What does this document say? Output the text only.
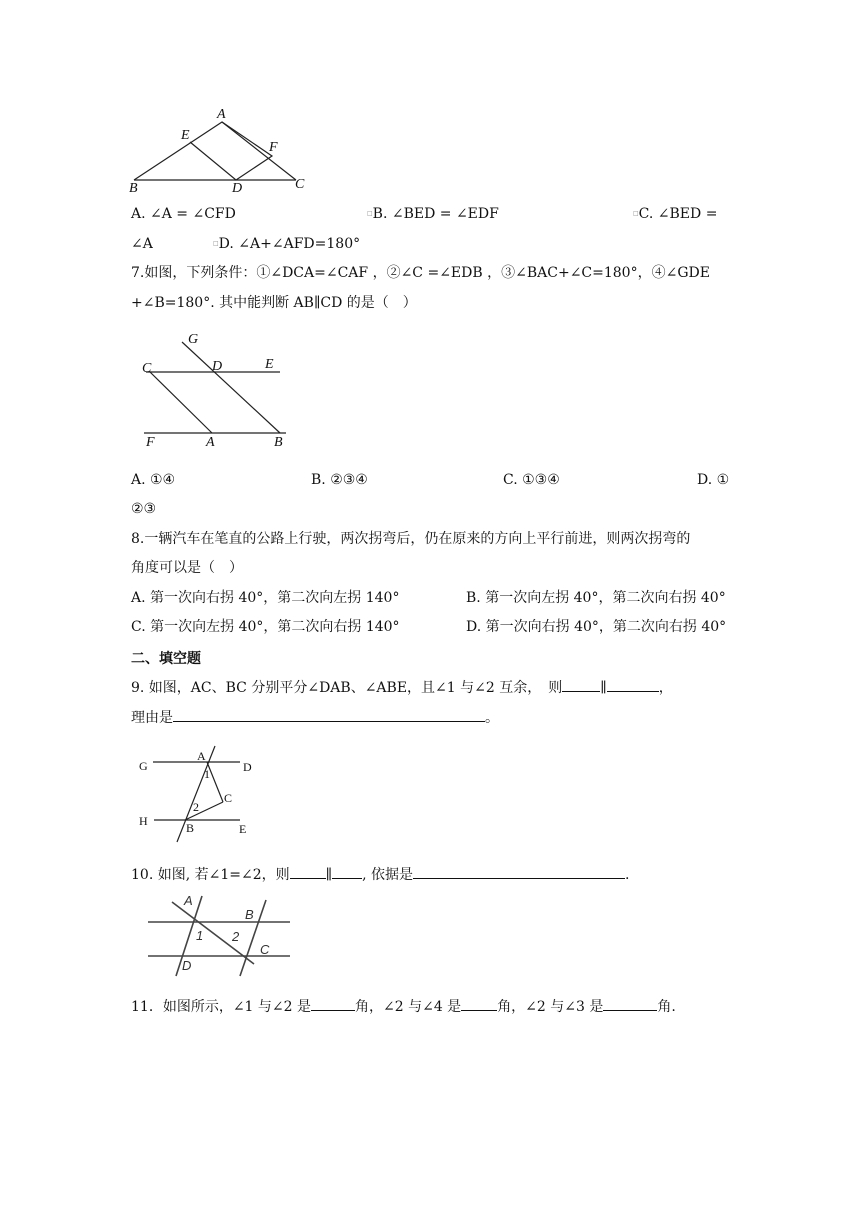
A
E
F
B	D	C
A. ∠A = ∠CFD	□B. ∠BED = ∠EDF	□C. ∠BED =
∠A	□D. ∠A+∠AFD=180°
7.如图，下列条件：①∠DCA=∠CAF ，②∠C =∠EDB ，③∠BAC+∠C=180°，④∠GDE
+∠B=180°. 其中能判断 AB∥CD 的是（　）
G
C	D	E
F	A	B
A. ①④	B. ②③④	C. ①③④	D. ①
②③
8.一辆汽车在笔直的公路上行驶，两次拐弯后，仍在原来的方向上平行前进，则两次拐弯的
角度可以是（　）
A. 第一次向右拐 40°，第二次向左拐 140°	B. 第一次向左拐 40°，第二次向右拐 40°
C. 第一次向左拐 40°，第二次向右拐 140°	D. 第一次向右拐 40°，第二次向右拐 40°
二、填空题
9. 如图，AC、BC 分别平分∠DAB、∠ABE，且∠1 与∠2 互余，　则	∥	，
理由是	。
G
A
D
1
C
2
H	B	E
10. 如图, 若∠1=∠2，则	∥ , 依据是	.
A
B
1 2
D
C
11．如图所示，∠1 与∠2 是	角，∠2 与∠4 是	角，∠2 与∠3 是	角.
